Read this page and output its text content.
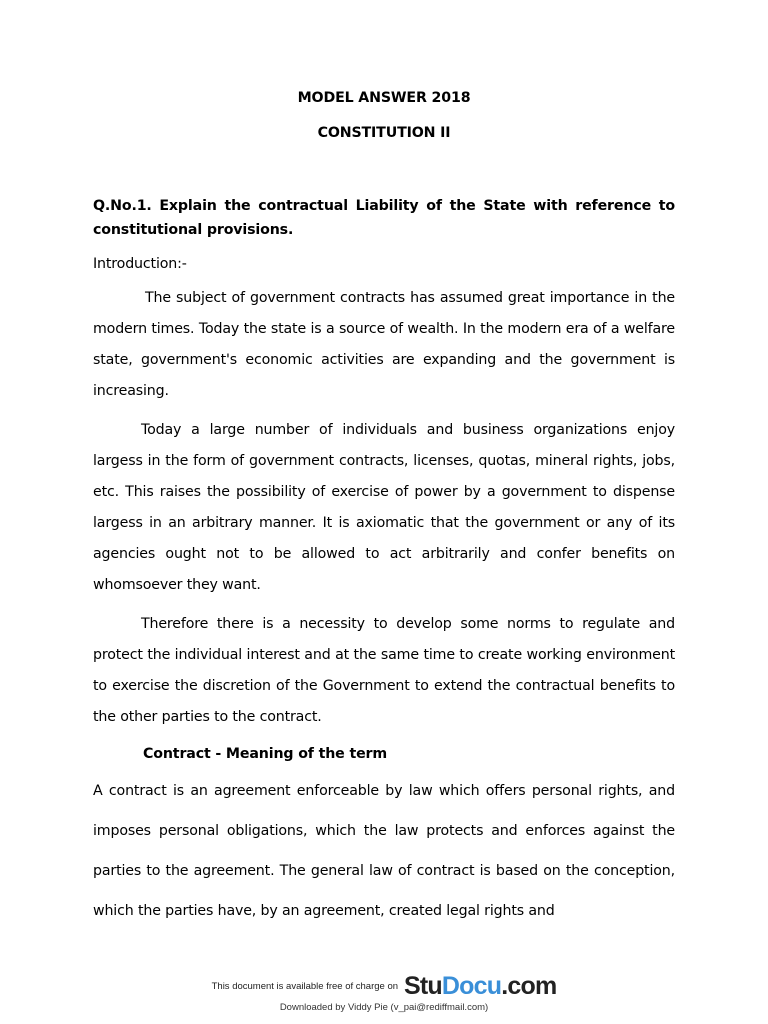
MODEL ANSWER 2018

CONSTITUTION II

Q.No.1. Explain the contractual Liability of the State with reference to constitutional provisions.
Introduction:-
The subject of government contracts has assumed great importance in the modern times. Today the state is a source of wealth. In the modern era of a welfare state, government's economic activities are expanding and the government is increasing.
Today a large number of individuals and business organizations enjoy largess in the form of government contracts, licenses, quotas, mineral rights, jobs, etc. This raises the possibility of exercise of power by a government to dispense largess in an arbitrary manner. It is axiomatic that the government or any of its agencies ought not to be allowed to act arbitrarily and confer benefits on whomsoever they want.
Therefore there is a necessity to develop some norms to regulate and protect the individual interest and at the same time to create working environment to exercise the discretion of the Government to extend the contractual benefits to the other parties to the contract.
Contract - Meaning of the term
A contract is an agreement enforceable by law which offers personal rights, and imposes personal obligations, which the law protects and enforces against the parties to the agreement. The general law of contract is based on the conception, which the parties have, by an agreement, created legal rights and
This document is available free of charge on StuDocu.com
Downloaded by Viddy Pie (v_pai@rediffmail.com)
